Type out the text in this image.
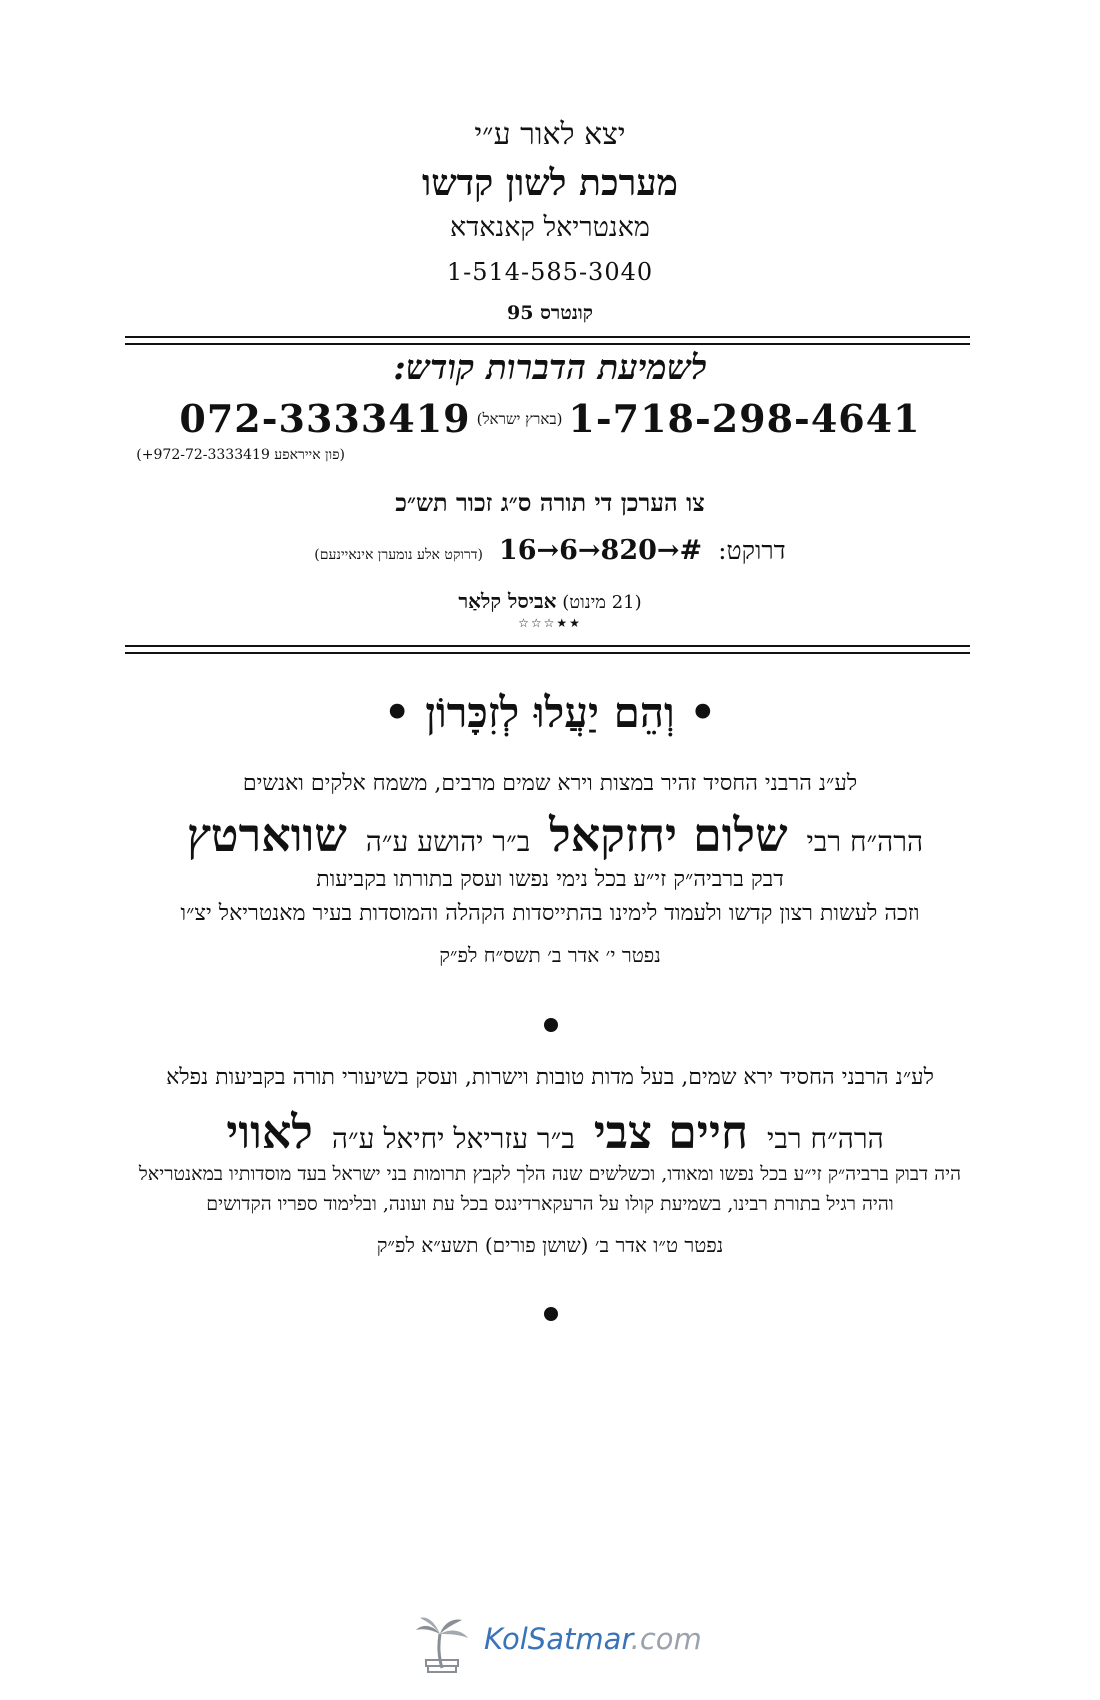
יצא לאור ע״י
מערכת לשון קדשו
מאנטריאל קאנאדא
1-514-585-3040
קונטרס 95
לשמיעת הדברות קודש:
$1-718-298-4641^{(בארץ ישראל)}072-3333419$
(פון אייראפע 972-72-3333419+)
צו הערכן די תורה ס״ג זכור תש״כ
דרוקט: 16→6→820→# (דרוקט אלע נומערן אינאיינעם)
(21 מינוט) אביסל קלאַר
★★☆☆☆
• וְהֵם יַעֲלוּ לְזִכָּרוֹן •
לע״נ הרבני החסיד זהיר במצות וירא שמים מרבים, משמח אלקים ואנשים
הרה״ח רבי שלום יחזקאל ב״ר יהושע ע״ה שווארטץ
דבק ברביה״ק זי״ע בכל נימי נפשו ועסק בתורתו בקביעות
וזכה לעשות רצון קדשו ולעמוד לימינו בהתייסדות הקהלה והמוסדות בעיר מאנטריאל יצ״ו
נפטר י׳ אדר ב׳ תשס״ח לפ״ק
לע״נ הרבני החסיד ירא שמים, בעל מדות טובות וישרות, ועסק בשיעורי תורה בקביעות נפלא
הרה״ח רבי חיים צבי ב״ר עזריאל יחיאל ע״ה לאווי
היה דבוק ברביה״ק זי״ע בכל נפשו ומאודו, וכשלשים שנה הלך לקבץ תרומות בני ישראל בעד מוסדותיו במאנטריאל
והיה רגיל בתורת רבינו, בשמיעת קולו על הרעקארדינגס בכל עת ועונה, ובלימוד ספריו הקדושים
נפטר ט״ו אדר ב׳ (שושן פורים) תשע״א לפ״ק
KolSatmar.com
